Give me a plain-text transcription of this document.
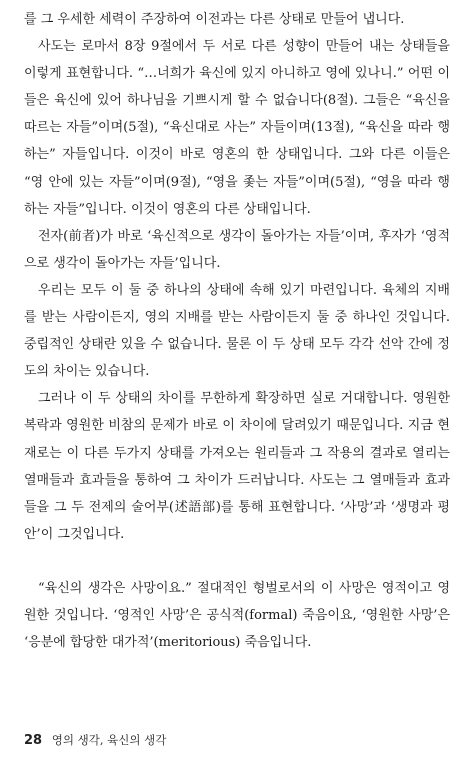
를 그 우세한 세력이 주장하여 이전과는 다른 상태로 만들어 냅니다.

사도는 로마서 8장 9절에서 두 서로 다른 성향이 만들어 내는 상태들을 이렇게 표현합니다. “…너희가 육신에 있지 아니하고 영에 있나니.” 어떤 이들은 육신에 있어 하나님을 기쁘시게 할 수 없습니다(8절). 그들은 “육신을 따르는 자들”이며(5절), “육신대로 사는” 자들이며(13절), “육신을 따라 행하는” 자들입니다. 이것이 바로 영혼의 한 상태입니다. 그와 다른 이들은 “영 안에 있는 자들”이며(9절), “영을 좇는 자들”이며(5절), “영을 따라 행하는 자들”입니다. 이것이 영혼의 다른 상태입니다.

전자(前者)가 바로 ‘육신적으로 생각이 돌아가는 자들’이며, 후자가 ‘영적으로 생각이 돌아가는 자들’입니다.

우리는 모두 이 둘 중 하나의 상태에 속해 있기 마련입니다. 육체의 지배를 받는 사람이든지, 영의 지배를 받는 사람이든지 둘 중 하나인 것입니다. 중립적인 상태란 있을 수 없습니다. 물론 이 두 상태 모두 각각 선악 간에 정도의 차이는 있습니다.

그러나 이 두 상태의 차이를 무한하게 확장하면 실로 거대합니다. 영원한 복락과 영원한 비참의 문제가 바로 이 차이에 달려있기 때문입니다. 지금 현재로는 이 다른 두가지 상태를 가져오는 원리들과 그 작용의 결과로 열리는 열매들과 효과들을 통하여 그 차이가 드러납니다. 사도는 그 열매들과 효과들을 그 두 전제의 술어부(述語部)를 통해 표현합니다. ‘사망’과 ‘생명과 평안’이 그것입니다.

“육신의 생각은 사망이요.” 절대적인 형벌로서의 이 사망은 영적이고 영원한 것입니다. ‘영적인 사망’은 공식적(formal) 죽음이요, ‘영원한 사망’은 ‘응분에 합당한 대가적’(meritorious) 죽음입니다.

28 영의 생각, 육신의 생각
